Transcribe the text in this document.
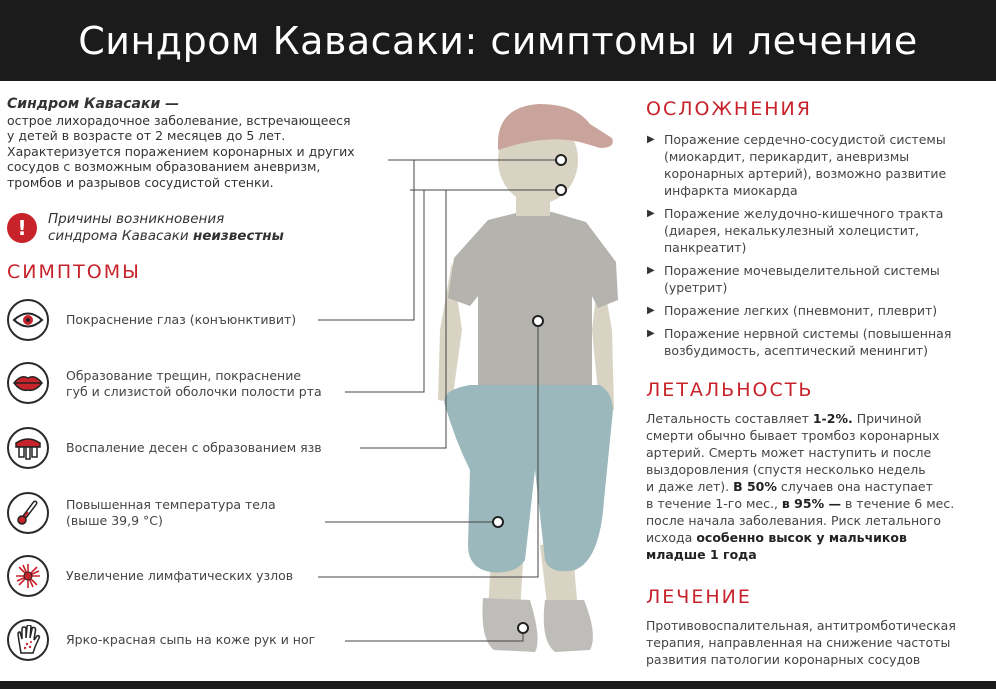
Синдром Кавасаки: симптомы и лечение
Синдром Кавасаки —
острое лихорадочное заболевание, встречающееся
у детей в возрасте от 2 месяцев до 5 лет.
Характеризуется поражением коронарных и других
сосудов с возможным образованием аневризм,
тромбов и разрывов сосудистой стенки.
!	Причины возникновения
синдрома Кавасаки неизвестны
СИМПТОМЫ
Покраснение глаз (конъюнктивит)
Образование трещин, покраснение
губ и слизистой оболочки полости рта
Воспаление десен с образованием язв
Повышенная температура тела
(выше 39,9 °С)
Увеличение лимфатических узлов
Ярко-красная сыпь на коже рук и ног
ОСЛОЖНЕНИЯ
▶ Поражение сердечно-сосудистой системы
(миокардит, перикардит, аневризмы
коронарных артерий), возможно развитие
инфаркта миокарда
▶ Поражение желудочно-кишечного тракта
(диарея, некалькулезный холецистит,
панкреатит)
▶ Поражение мочевыделительной системы
(уретрит)
▶ Поражение легких (пневмонит, плеврит)
▶ Поражение нервной системы (повышенная
возбудимость, асептический менингит)
ЛЕТАЛЬНОСТЬ
Летальность составляет 1-2%. Причиной
смерти обычно бывает тромбоз коронарных
артерий. Смерть может наступить и после
выздоровления (спустя несколько недель
и даже лет). В 50% случаев она наступает
в течение 1-го мес., в 95% — в течение 6 мес.
после начала заболевания. Риск летального
исхода особенно высок у мальчиков
младше 1 года
ЛЕЧЕНИЕ
Противовоспалительная, антитромботическая
терапия, направленная на снижение частоты
развития патологии коронарных сосудов
